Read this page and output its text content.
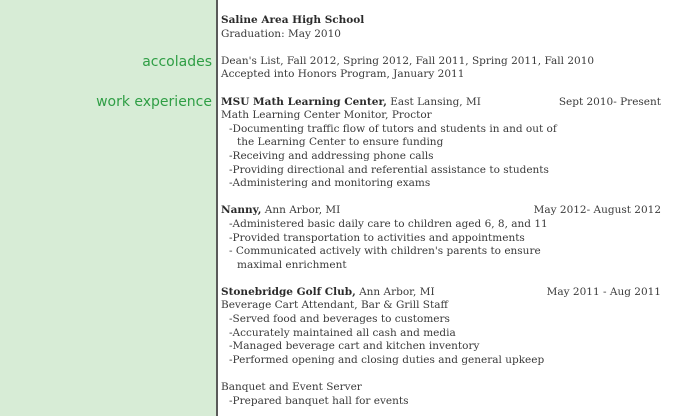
accolades
work experience
Saline Area High School
Graduation: May 2010
Dean's List, Fall 2012, Spring 2012, Fall 2011, Spring 2011, Fall 2010
Accepted into Honors Program, January 2011
MSU Math Learning Center, East Lansing, MI	Sept 2010- Present
Math Learning Center Monitor, Proctor
-Documenting traffic flow of tutors and students in and out of
the Learning Center to ensure funding
-Receiving and addressing phone calls
-Providing directional and referential assistance to students
-Administering and monitoring exams
Nanny, Ann Arbor, MI	May 2012- August 2012
-Administered basic daily care to children aged 6, 8, and 11
-Provided transportation to activities and appointments
- Communicated actively with children's parents to ensure
maximal enrichment
Stonebridge Golf Club, Ann Arbor, MI	May 2011 - Aug 2011
Beverage Cart Attendant, Bar & Grill Staff
-Served food and beverages to customers
-Accurately maintained all cash and media
-Managed beverage cart and kitchen inventory
-Performed opening and closing duties and general upkeep
Banquet and Event Server
-Prepared banquet hall for events
